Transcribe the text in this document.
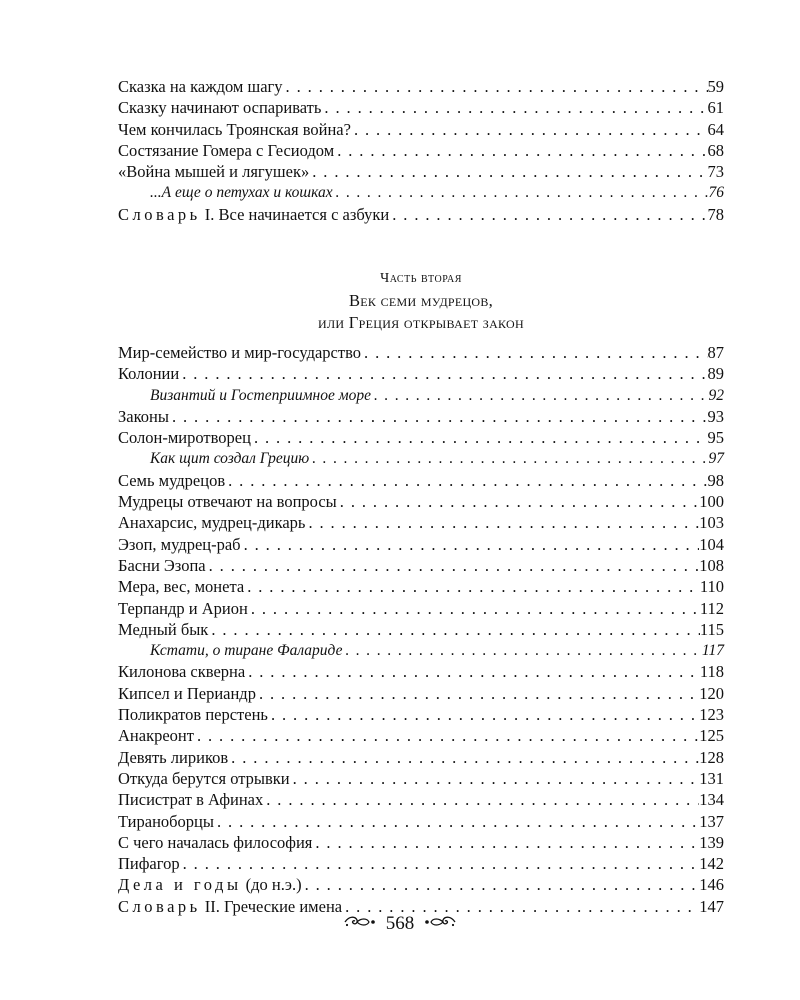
Сказка на каждом шагу . . .	59
Сказку начинают оспаривать . . .	61
Чем кончилась Троянская война? . . .	64
Состязание Гомера с Гесиодом . . .	68
«Война мышей и лягушек» . . .	73
...А еще о петухах и кошках . . .	76
Словарь I. Все начинается с азбуки . . .	78
Часть вторая
Век семи мудрецов,
или Греция открывает закон
Мир-семейство и мир-государство . . .	87
Колонии . . .	89
Византий и Гостеприимное море . . .	92
Законы . . .	93
Солон-миротворец . . .	95
Как щит создал Грецию . . .	97
Семь мудрецов . . .	98
Мудрецы отвечают на вопросы . . .	100
Анахарсис, мудрец-дикарь . . .	103
Эзоп, мудрец-раб . . .	104
Басни Эзопа . . .	108
Мера, вес, монета . . .	110
Терпандр и Арион . . .	112
Медный бык . . .	115
Кстати, о тиране Фалариде . . .	117
Килонова скверна . . .	118
Кипсел и Периандр . . .	120
Поликратов перстень . . .	123
Анакреонт . . .	125
Девять лириков . . .	128
Откуда берутся отрывки . . .	131
Писистрат в Афинах . . .	134
Тираноборцы . . .	137
С чего началась философия . . .	139
Пифагор . . .	142
Дела и годы (до н.э.) . . .	146
Словарь II. Греческие имена . . .	147
568
